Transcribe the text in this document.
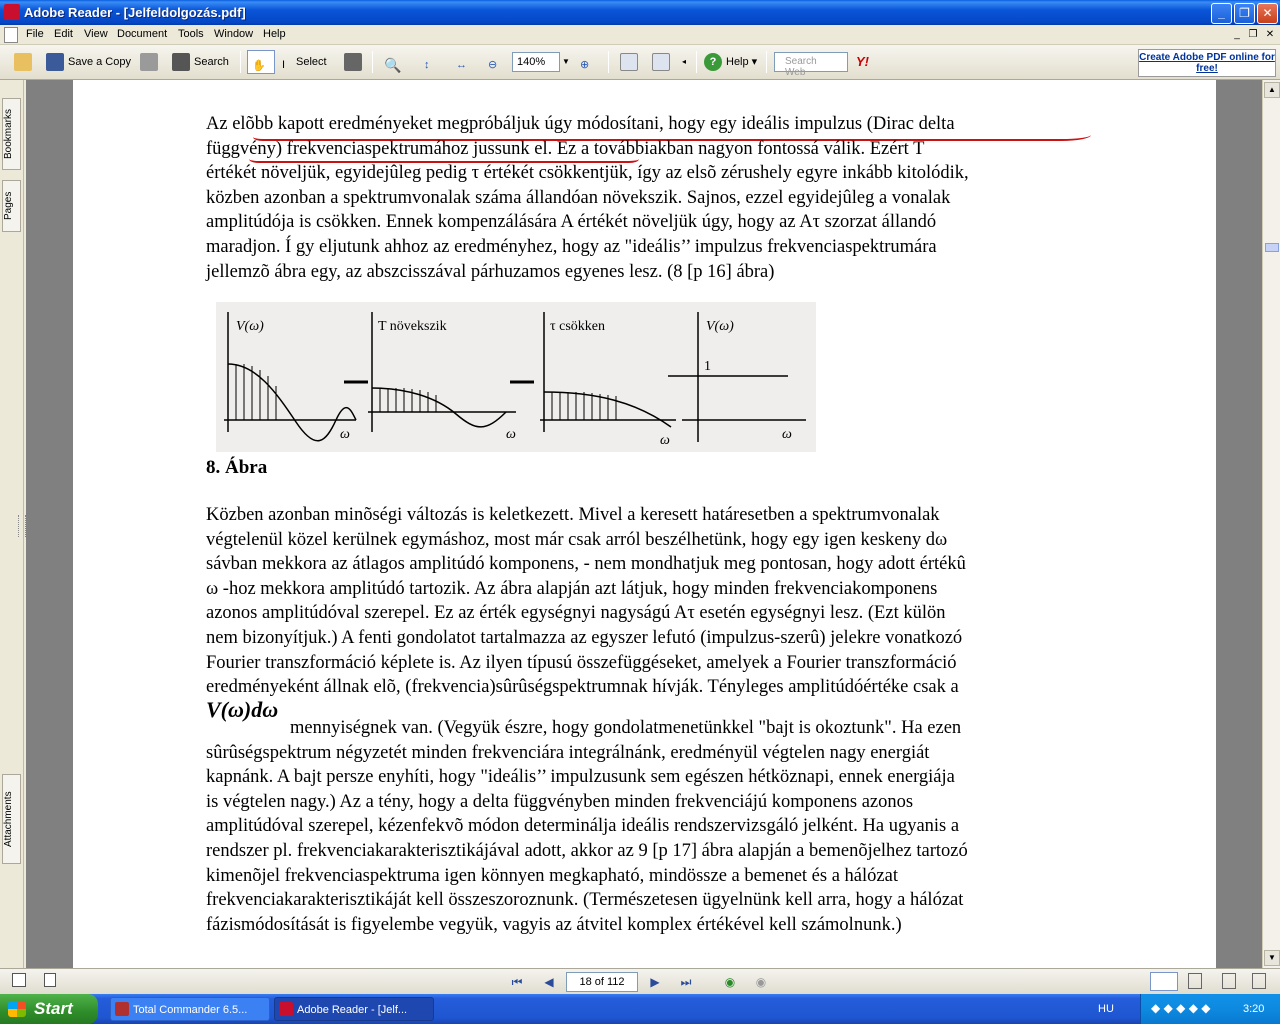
Adobe Reader - [Jelfeldolgozás.pdf]	_	❐	✕
File Edit View Document Tools Window Help	_ ❐ ✕
Save a Copy	Search	✋	I Select	🔍	↕	↔	⊖	▼ ⊕	◂	? Help ▾	Y!
140%	Search Web
Create Adobe PDF online for free!
Bookmarks
Pages
Attachments
Az elõbb kapott eredményeket megpróbáljuk úgy módosítani, hogy egy ideális impulzus (Dirac delta
függvény) frekvenciaspektrumához jussunk el. Ez a továbbiakban nagyon fontossá válik. Ezért T
értékét növeljük, egyidejûleg pedig τ értékét csökkentjük, így az elsõ zérushely egyre inkább kitolódik,
közben azonban a spektrumvonalak száma állandóan növekszik. Sajnos, ezzel egyidejûleg a vonalak
amplitúdója is csökken. Ennek kompenzálására A értékét növeljük úgy, hogy az Aτ szorzat állandó
maradjon. Í gy eljutunk ahhoz az eredményhez, hogy az "ideális’’ impulzus frekvenciaspektrumára
jellemzõ ábra egy, az abszcisszával párhuzamos egyenes lesz. (8 [p 16] ábra)
V(ω)	T növekszik	τ csökken	V(ω)
ω	ω	ω	ω
1
8. Ábra
Közben azonban minõségi változás is keletkezett. Mivel a keresett határesetben a spektrumvonalak
végtelenül közel kerülnek egymáshoz, most már csak arról beszélhetünk, hogy egy igen keskeny dω
sávban mekkora az átlagos amplitúdó komponens, - nem mondhatjuk meg pontosan, hogy adott értékû
ω -hoz mekkora amplitúdó tartozik. Az ábra alapján azt látjuk, hogy minden frekvenciakomponens
azonos amplitúdóval szerepel. Ez az érték egységnyi nagyságú Aτ esetén egységnyi lesz. (Ezt külön
nem bizonyítjuk.) A fenti gondolatot tartalmazza az egyszer lefutó (impulzus-szerû) jelekre vonatkozó
Fourier transzformáció képlete is. Az ilyen típusú összefüggéseket, amelyek a Fourier transzformáció
eredményeként állnak elõ, (frekvencia)sûrûségspektrumnak hívják. Tényleges amplitúdóértéke csak a
V(ω)dω
mennyiségnek van. (Vegyük észre, hogy gondolatmenetünkkel "bajt is okoztunk". Ha ezen
sûrûségspektrum négyzetét minden frekvenciára integrálnánk, eredményül végtelen nagy energiát
kapnánk. A bajt persze enyhíti, hogy "ideális’’ impulzusunk sem egészen hétköznapi, ennek energiája
is végtelen nagy.) Az a tény, hogy a delta függvényben minden frekvenciájú komponens azonos
amplitúdóval szerepel, kézenfekvõ módon determinálja ideális rendszervizsgáló jelként. Ha ugyanis a
rendszer pl. frekvenciakarakterisztikájával adott, akkor az 9 [p 17] ábra alapján a bemenõjelhez tartozó
kimenõjel frekvenciaspektruma igen könnyen megkapható, mindössze a bemenet és a hálózat
frekvenciakarakterisztikáját kell összeszoroznunk. (Természetesen ügyelnünk kell arra, hogy a hálózat
fázismódosítását is figyelembe vegyük, vagyis az átvitel komplex értékével kell számolnunk.)
▲
▼
⏮	◀	18 of 112	▶	⏭	◉	◉
Start	Total Commander 6.5...	Adobe Reader - [Jelf...	HU	◆ ◆ ◆ ◆ ◆	3:20
